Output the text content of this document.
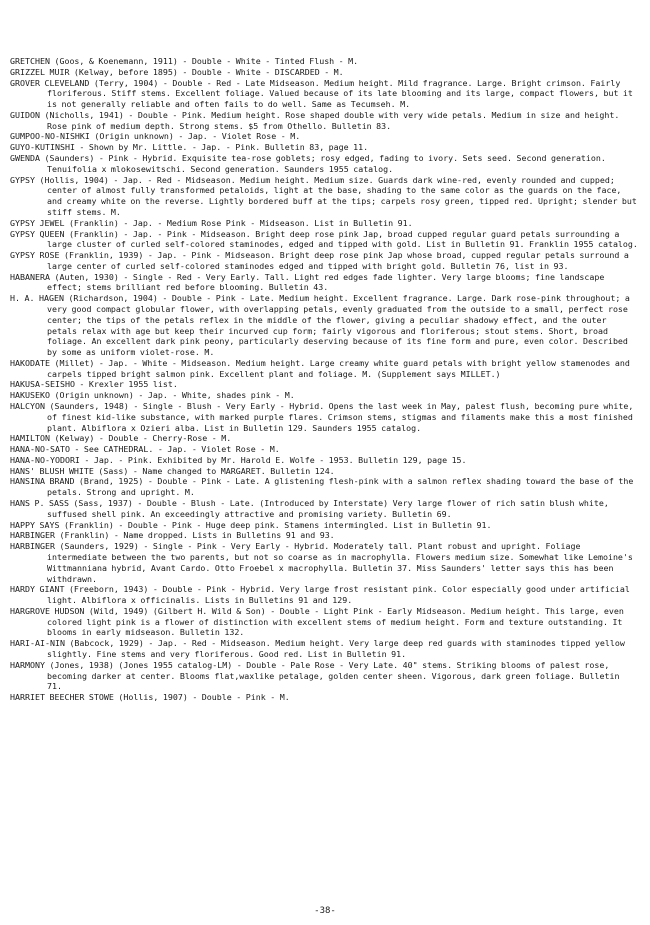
GRETCHEN (Goos, & Koenemann, 1911) - Double - White - Tinted Flush - M.
GRIZZEL MUIR (Kelway, before 1895) - Double - White - DISCARDED - M.
GROVER CLEVELAND (Terry, 1904) - Double - Red - Late Midseason. Medium height. Mild fragrance. Large. Bright crimson. Fairly floriferous. Stiff stems. Excellent foliage. Valued because of its late blooming and its large, compact flowers, but it is not generally reliable and often fails to do well. Same as Tecumseh. M.
GUIDON (Nicholls, 1941) - Double - Pink. Medium height. Rose shaped double with very wide petals. Medium in size and height. Rose pink of medium depth. Strong stems. $5 from Othello. Bulletin 83.
GUMPOO-NO-NISHKI (Origin unknown) - Jap. - Violet Rose - M.
GUYO-KUTINSHI - Shown by Mr. Little. - Jap. - Pink. Bulletin 83, page 11.
GWENDA (Saunders) - Pink - Hybrid. Exquisite tea-rose goblets; rosy edged, fading to ivory. Sets seed. Second generation. Tenuifolia x mlokosewitschi. Second generation. Saunders 1955 catalog.
GYPSY (Hollis, 1904) - Jap. - Red - Midseason. Medium height. Medium size. Guards dark wine-red, evenly rounded and cupped; center of almost fully transformed petaloids, light at the base, shading to the same color as the guards on the face, and creamy white on the reverse. Lightly bordered buff at the tips; carpels rosy green, tipped red. Upright; slender but stiff stems. M.
GYPSY JEWEL (Franklin) - Jap. - Medium Rose Pink - Midseason. List in Bulletin 91.
GYPSY QUEEN (Franklin) - Jap. - Pink - Midseason. Bright deep rose pink Jap, broad cupped regular guard petals surrounding a large cluster of curled self-colored staminodes, edged and tipped with gold. List in Bulletin 91. Franklin 1955 catalog.
GYPSY ROSE (Franklin, 1939) - Jap. - Pink - Midseason. Bright deep rose pink Jap whose broad, cupped regular petals surround a large center of curled self-colored staminodes edged and tipped with bright gold. Bulletin 76, list in 93.
HABANERA (Auten, 1930) - Single - Red - Very Early. Tall. Light red edges fade lighter. Very large blooms; fine landscape effect; stems brilliant red before blooming. Bulletin 43.
H. A. HAGEN (Richardson, 1904) - Double - Pink - Late. Medium height. Excellent fragrance. Large. Dark rose-pink throughout; a very good compact globular flower, with overlapping petals, evenly graduated from the outside to a small, perfect rose center; the tips of the petals reflex in the middle of the flower, giving a peculiar shadowy effect, and the outer petals relax with age but keep their incurved cup form; fairly vigorous and floriferous; stout stems. Short, broad foliage. An excellent dark pink peony, particularly deserving because of its fine form and pure, even color. Described by some as uniform violet-rose. M.
HAKODATE (Millet) - Jap. - White - Midseason. Medium height. Large creamy white guard petals with bright yellow stamenodes and carpels tipped bright salmon pink. Excellent plant and foliage. M. (Supplement says MILLET.)
HAKUSA-SEISHO - Krexler 1955 list.
HAKUSEKO (Origin unknown) - Jap. - White, shades pink - M.
HALCYON (Saunders, 1948) - Single - Blush - Very Early - Hybrid. Opens the last week in May, palest flush, becoming pure white, of finest kid-like substance, with marked purple flares. Crimson stems, stigmas and filaments make this a most finished plant. Albiflora x Ozieri alba. List in Bulletin 129. Saunders 1955 catalog.
HAMILTON (Kelway) - Double - Cherry-Rose - M.
HANA-NO-SATO - See CATHEDRAL. - Jap. - Violet Rose - M.
HANA-NO-YODORI - Jap. - Pink. Exhibited by Mr. Harold E. Wolfe - 1953. Bulletin 129, page 15.
HANS' BLUSH WHITE (Sass) - Name changed to MARGARET. Bulletin 124.
HANSINA BRAND (Brand, 1925) - Double - Pink - Late. A glistening flesh-pink with a salmon reflex shading toward the base of the petals. Strong and upright. M.
HANS P. SASS (Sass, 1937) - Double - Blush - Late. (Introduced by Interstate) Very large flower of rich satin blush white, suffused shell pink. An exceedingly attractive and promising variety. Bulletin 69.
HAPPY SAYS (Franklin) - Double - Pink - Huge deep pink. Stamens intermingled. List in Bulletin 91.
HARBINGER (Franklin) - Name dropped. Lists in Bulletins 91 and 93.
HARBINGER (Saunders, 1929) - Single - Pink - Very Early - Hybrid. Moderately tall. Plant robust and upright. Foliage intermediate between the two parents, but not so coarse as in macrophylla. Flowers medium size. Somewhat like Lemoine's Wittmanniana hybrid, Avant Cardo. Otto Froebel x macrophylla. Bulletin 37. Miss Saunders' letter says this has been withdrawn.
HARDY GIANT (Freeborn, 1943) - Double - Pink - Hybrid. Very large frost resistant pink. Color especially good under artificial light. Albiflora x officinalis. Lists in Bulletins 91 and 129.
HARGROVE HUDSON (Wild, 1949) (Gilbert H. Wild & Son) - Double - Light Pink - Early Midseason. Medium height. This large, even colored light pink is a flower of distinction with excellent stems of medium height. Form and texture outstanding. It blooms in early midseason. Bulletin 132.
HARI-AI-NIN (Babcock, 1929) - Jap. - Red - Midseason. Medium height. Very large deep red guards with staminodes tipped yellow slightly. Fine stems and very floriferous. Good red. List in Bulletin 91.
HARMONY (Jones, 1938) (Jones 1955 catalog-LM) - Double - Pale Rose - Very Late. 40" stems. Striking blooms of palest rose, becoming darker at center. Blooms flat,waxlike petalage, golden center sheen. Vigorous, dark green foliage. Bulletin 71.
HARRIET BEECHER STOWE (Hollis, 1907) - Double - Pink - M.
-38-
